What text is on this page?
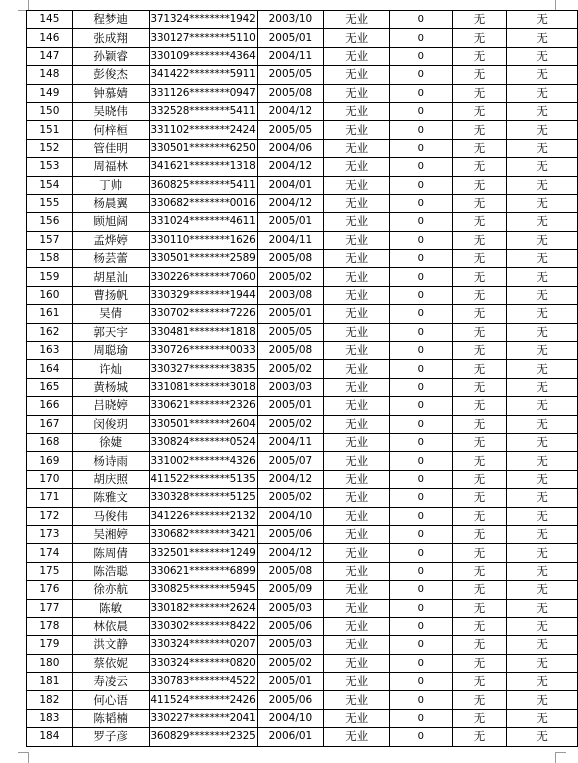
145	程梦迪	371324********1942	2003/10	无业	0	无	无
146	张成翔	330127********5110	2005/01	无业	0	无	无
147	孙颖睿	330109********4364	2004/11	无业	0	无	无
148	彭俊杰	341422********5911	2005/05	无业	0	无	无
149	钟慕婧	331126********0947	2005/08	无业	0	无	无
150	吴晓伟	332528********5411	2004/12	无业	0	无	无
151	何梓桓	331102********2424	2005/05	无业	0	无	无
152	管佳明	330501********6250	2004/06	无业	0	无	无
153	周福林	341621********1318	2004/12	无业	0	无	无
154	丁帅	360825********5411	2004/01	无业	0	无	无
155	杨晨翼	330682********0016	2004/12	无业	0	无	无
156	顾旭阔	331024********4611	2005/01	无业	0	无	无
157	孟烨婷	330110********1626	2004/11	无业	0	无	无
158	杨芸蕾	330501********2589	2005/08	无业	0	无	无
159	胡星汕	330226********7060	2005/02	无业	0	无	无
160	曹扬帆	330329********1944	2003/08	无业	0	无	无
161	吴倩	330702********7226	2005/01	无业	0	无	无
162	郭天宇	330481********1818	2005/05	无业	0	无	无
163	周聪瑜	330726********0033	2005/08	无业	0	无	无
164	许灿	330327********3835	2005/02	无业	0	无	无
165	黄杨城	331081********3018	2003/03	无业	0	无	无
166	吕晓婷	330621********2326	2005/01	无业	0	无	无
167	闵俊玥	330501********2604	2005/02	无业	0	无	无
168	徐婕	330824********0524	2004/11	无业	0	无	无
169	杨诗雨	331002********4326	2005/07	无业	0	无	无
170	胡庆照	411522********5135	2004/12	无业	0	无	无
171	陈雅文	330328********5125	2005/02	无业	0	无	无
172	马俊伟	341226********2132	2004/10	无业	0	无	无
173	吴湘婷	330682********3421	2005/06	无业	0	无	无
174	陈周倩	332501********1249	2004/12	无业	0	无	无
175	陈浩聪	330621********6899	2005/08	无业	0	无	无
176	徐亦航	330825********5945	2005/09	无业	0	无	无
177	陈敏	330182********2624	2005/03	无业	0	无	无
178	林依晨	330302********8422	2005/06	无业	0	无	无
179	洪文静	330324********0207	2005/03	无业	0	无	无
180	蔡依妮	330324********0820	2005/02	无业	0	无	无
181	寿凌云	330783********4522	2005/01	无业	0	无	无
182	何心语	411524********2426	2005/06	无业	0	无	无
183	陈韬楠	330227********2041	2004/10	无业	0	无	无
184	罗子彦	360829********2325	2006/01	无业	0	无	无
